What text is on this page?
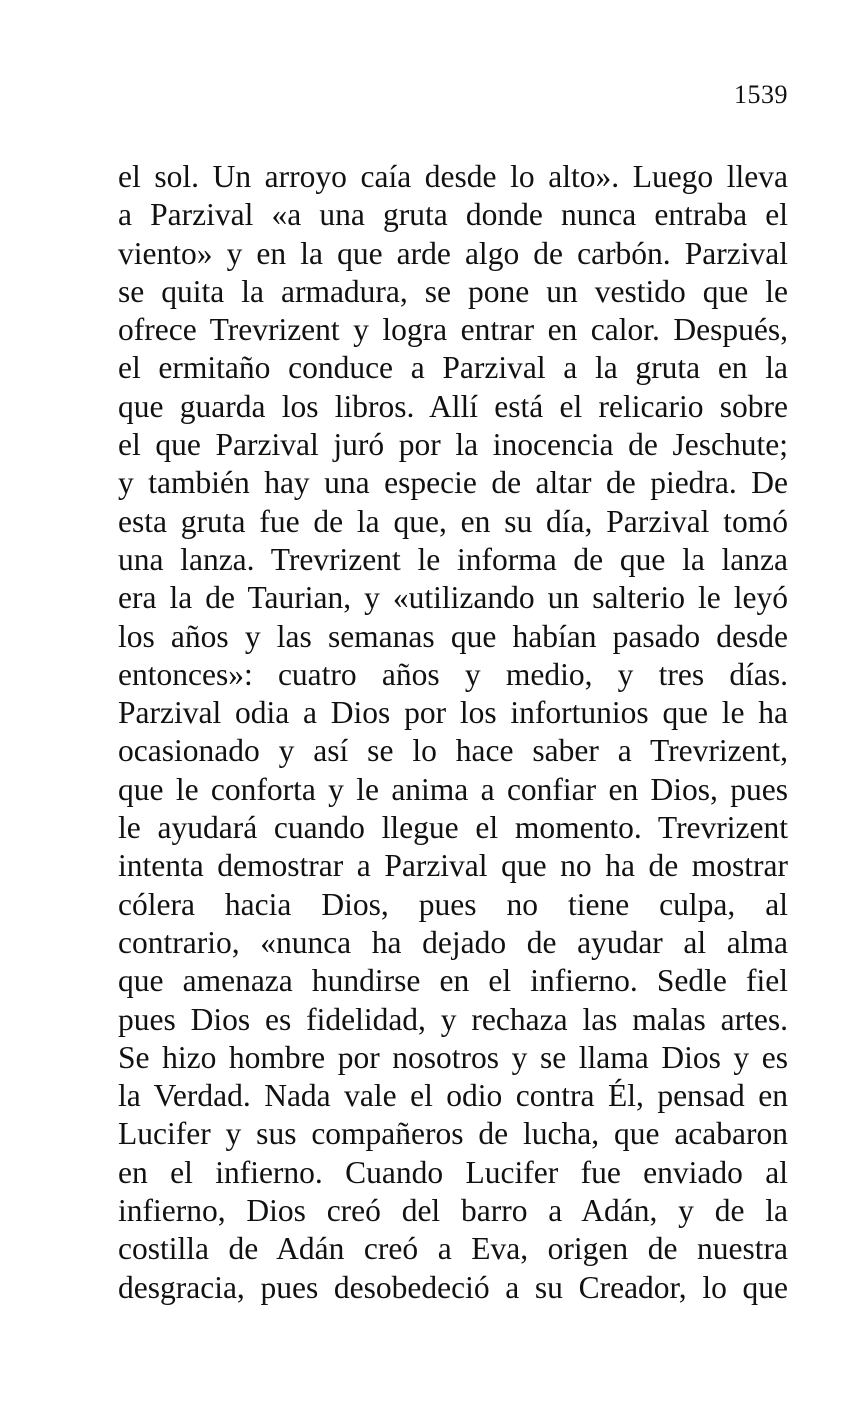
1539
el sol. Un arroyo caía desde lo alto». Luego lleva
a Parzival «a una gruta donde nunca entraba el
viento» y en la que arde algo de carbón. Parzival
se quita la armadura, se pone un vestido que le
ofrece Trevrizent y logra entrar en calor. Después,
el ermitaño conduce a Parzival a la gruta en la
que guarda los libros. Allí está el relicario sobre
el que Parzival juró por la inocencia de Jeschute;
y también hay una especie de altar de piedra. De
esta gruta fue de la que, en su día, Parzival tomó
una lanza. Trevrizent le informa de que la lanza
era la de Taurian, y «utilizando un salterio le leyó
los años y las semanas que habían pasado desde
entonces»: cuatro años y medio, y tres días.
Parzival odia a Dios por los infortunios que le ha
ocasionado y así se lo hace saber a Trevrizent,
que le conforta y le anima a confiar en Dios, pues
le ayudará cuando llegue el momento. Trevrizent
intenta demostrar a Parzival que no ha de mostrar
cólera hacia Dios, pues no tiene culpa, al
contrario, «nunca ha dejado de ayudar al alma
que amenaza hundirse en el infierno. Sedle fiel
pues Dios es fidelidad, y rechaza las malas artes.
Se hizo hombre por nosotros y se llama Dios y es
la Verdad. Nada vale el odio contra Él, pensad en
Lucifer y sus compañeros de lucha, que acabaron
en el infierno. Cuando Lucifer fue enviado al
infierno, Dios creó del barro a Adán, y de la
costilla de Adán creó a Eva, origen de nuestra
desgracia, pues desobedeció a su Creador, lo que
